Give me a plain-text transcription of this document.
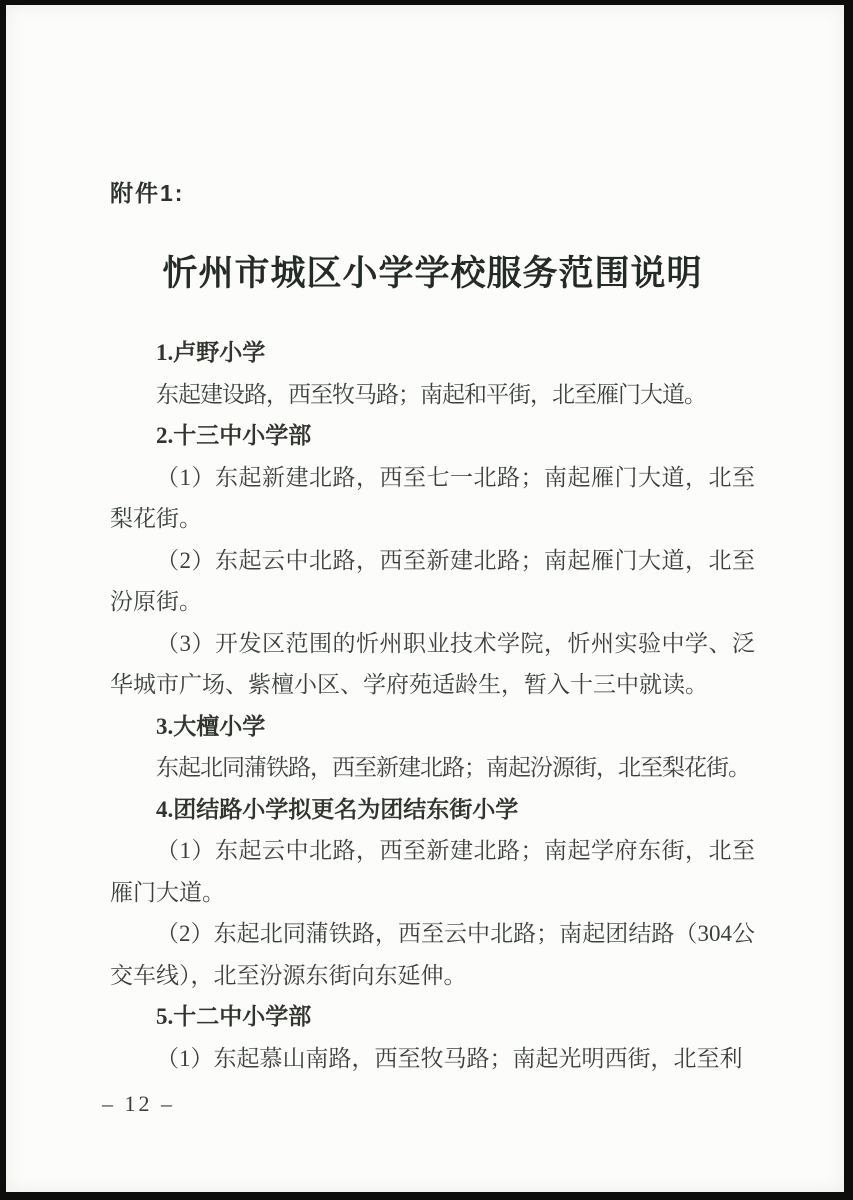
附件1:
忻州市城区小学学校服务范围说明

1.卢野小学

东起建设路，西至牧马路；南起和平街，北至雁门大道。

2.十三中小学部

（1）东起新建北路，西至七一北路；南起雁门大道，北至梨花街。

（2）东起云中北路，西至新建北路；南起雁门大道，北至汾原街。

（3）开发区范围的忻州职业技术学院，忻州实验中学、泛华城市广场、紫檀小区、学府苑适龄生，暂入十三中就读。

3.大檀小学

东起北同蒲铁路，西至新建北路；南起汾源街，北至梨花街。

4.团结路小学拟更名为团结东街小学

（1）东起云中北路，西至新建北路；南起学府东街，北至雁门大道。

（2）东起北同蒲铁路，西至云中北路；南起团结路（304公交车线），北至汾源东街向东延伸。

5.十二中小学部

（1）东起慕山南路，西至牧马路；南起光明西街，北至利

– 12 –
